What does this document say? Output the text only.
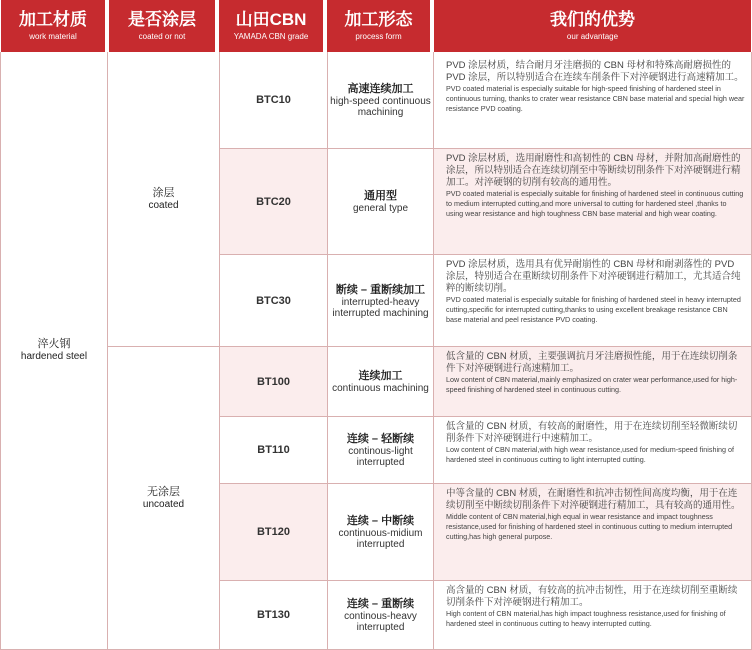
加工材质
work material
是否涂层
coated or not
山田CBN
YAMADA CBN grade
加工形态
process form
我们的优势
our advantage
淬火钢
hardened steel
涂层
coated
无涂层
uncoated
BTC10
高速连续加工
high-speed continuous machining
PVD 涂层材质，结合耐月牙洼磨损的 CBN 母材和特殊高耐磨损性的 PVD 涂层，所以特别适合在连续车削条件下对淬硬钢进行高速精加工。
PVD coated material is especially suitable for high-speed finishing of hardened steel in continuous turning, thanks to crater wear resistance CBN base material and special high wear resistance PVD coating.
BTC20	通用型
general type
PVD 涂层材质，选用耐磨性和高韧性的 CBN 母材，并附加高耐磨性的涂层，所以特别适合在连续切削至中等断续切削条件下对淬硬钢进行精加工。对淬硬钢的切削有较高的通用性。
PVD coated material is especially suitable for finishing of hardened steel in continuous cutting to medium interrupted cutting,and more universal to cutting for hardened steel ,thanks to using wear resistance and high toughness CBN base material and high wear coating.
BTC30
断续 – 重断续加工
interrupted-heavy interrupted machining
PVD 涂层材质，选用具有优异耐崩性的 CBN 母材和耐剥落性的 PVD 涂层，特别适合在重断续切削条件下对淬硬钢进行精加工，尤其适合纯粹的断续切削。
PVD coated material is especially suitable for finishing of hardened steel in heavy interrupted cutting,specific for interrupted cutting,thanks to using excellent breakage resistance CBN base material and peel resistance PVD coating.
BT100	连续加工
continuous machining
低含量的 CBN 材质，主要强调抗月牙洼磨损性能，用于在连续切削条件下对淬硬钢进行高速精加工。
Low content of CBN material,mainly emphasized on crater wear performance,used for high-speed finishing of hardened steel in continuous cutting.
BT110
连续 – 轻断续
continous-light interrupted
低含量的 CBN 材质，有较高的耐磨性，用于在连续切削至轻微断续切削条件下对淬硬钢进行中速精加工。
Low content of CBN material,with high wear resistance,used for medium-speed finishing of hardened steel in continuous cutting to light interrupted cutting.
BT120
连续 – 中断续
continuous-midium interrupted
中等含量的 CBN 材质，在耐磨性和抗冲击韧性间高度均衡，用于在连续切削至中断续切削条件下对淬硬钢进行精加工，具有较高的通用性。
Middle content of CBN material,high equal in wear resistance and impact toughness resistance,used for finishing of hardened steel in continuous cutting to medium interrupted cutting,has high general purpose.
BT130
连续 – 重断续
continous-heavy interrupted
高含量的 CBN 材质，有较高的抗冲击韧性，用于在连续切削至重断续切削条件下对淬硬钢进行精加工。
High content of CBN material,has high impact toughness resistance,used for finishing of hardened steel in continuous cutting to heavy interrupted cutting.
